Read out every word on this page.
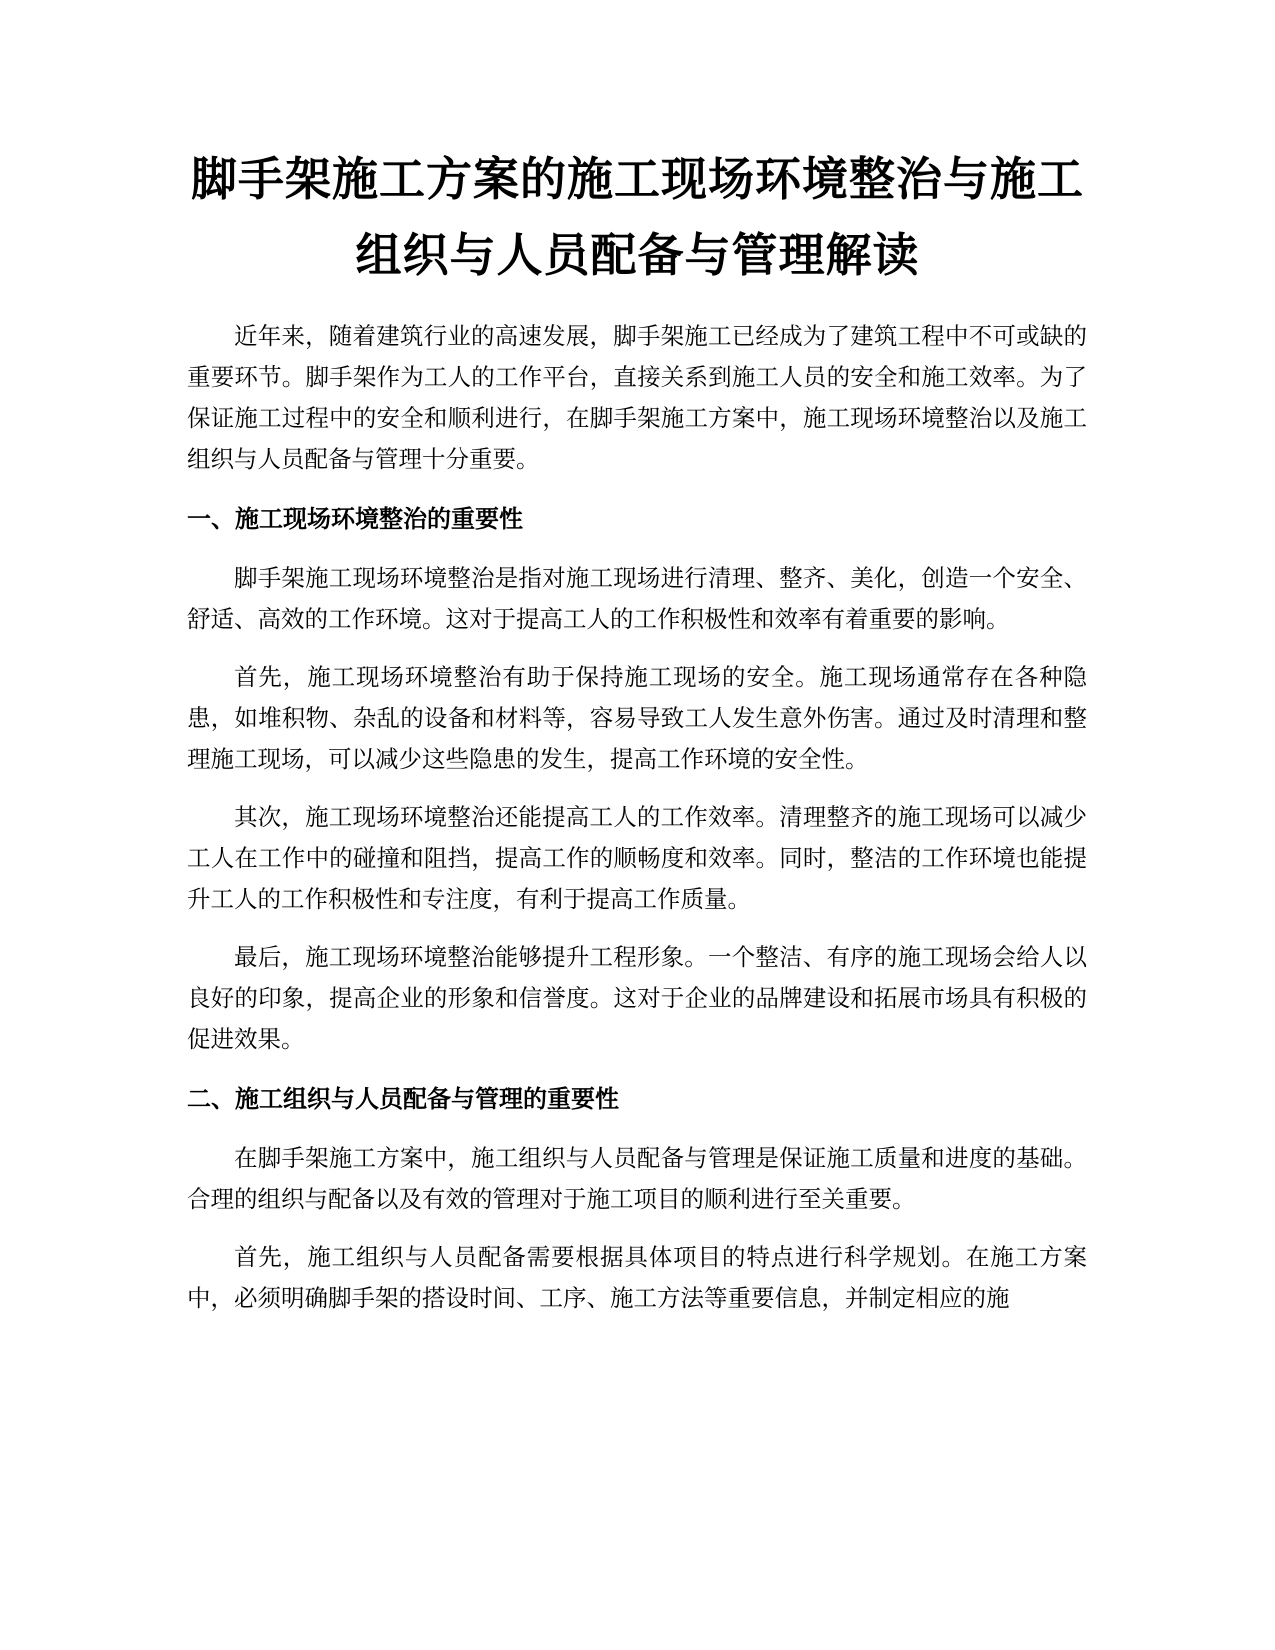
脚手架施工方案的施工现场环境整治与施工
组织与人员配备与管理解读

近年来，随着建筑行业的高速发展，脚手架施工已经成为了建筑工程中不可或缺的重要环节。脚手架作为工人的工作平台，直接关系到施工人员的安全和施工效率。为了保证施工过程中的安全和顺利进行，在脚手架施工方案中，施工现场环境整治以及施工组织与人员配备与管理十分重要。

一、施工现场环境整治的重要性

脚手架施工现场环境整治是指对施工现场进行清理、整齐、美化，创造一个安全、舒适、高效的工作环境。这对于提高工人的工作积极性和效率有着重要的影响。

首先，施工现场环境整治有助于保持施工现场的安全。施工现场通常存在各种隐患，如堆积物、杂乱的设备和材料等，容易导致工人发生意外伤害。通过及时清理和整理施工现场，可以减少这些隐患的发生，提高工作环境的安全性。

其次，施工现场环境整治还能提高工人的工作效率。清理整齐的施工现场可以减少工人在工作中的碰撞和阻挡，提高工作的顺畅度和效率。同时，整洁的工作环境也能提升工人的工作积极性和专注度，有利于提高工作质量。

最后，施工现场环境整治能够提升工程形象。一个整洁、有序的施工现场会给人以良好的印象，提高企业的形象和信誉度。这对于企业的品牌建设和拓展市场具有积极的促进效果。

二、施工组织与人员配备与管理的重要性

在脚手架施工方案中，施工组织与人员配备与管理是保证施工质量和进度的基础。合理的组织与配备以及有效的管理对于施工项目的顺利进行至关重要。

首先，施工组织与人员配备需要根据具体项目的特点进行科学规划。在施工方案中，必须明确脚手架的搭设时间、工序、施工方法等重要信息，并制定相应的施
